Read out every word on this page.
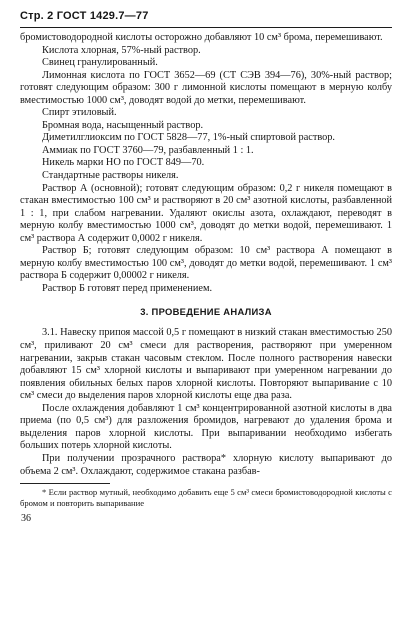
Стр. 2 ГОСТ 1429.7—77

бромистоводородной кислоты осторожно добавляют 10 см³ брома, перемешивают.

Кислота хлорная, 57%-ный раствор.

Свинец гранулированный.

Лимонная кислота по ГОСТ 3652—69 (СТ СЭВ 394—76), 30%-ный раствор; готовят следующим образом: 300 г лимонной кислоты помещают в мерную колбу вместимостью 1000 см³, доводят водой до метки, перемешивают.

Спирт этиловый.

Бромная вода, насыщенный раствор.

Диметилглиоксим по ГОСТ 5828—77, 1%-ный спиртовой раствор.

Аммиак по ГОСТ 3760—79, разбавленный 1 : 1.

Никель марки НО по ГОСТ 849—70.

Стандартные растворы никеля.

Раствор А (основной); готовят следующим образом: 0,2 г никеля помещают в стакан вместимостью 100 см³ и растворяют в 20 см³ азотной кислоты, разбавленной 1 : 1, при слабом нагревании. Удаляют окислы азота, охлаждают, переводят в мерную колбу вместимостью 1000 см³, доводят до метки водой, перемешивают. 1 см³ раствора А содержит 0,0002 г никеля.

Раствор Б; готовят следующим образом: 10 см³ раствора А помещают в мерную колбу вместимостью 100 см³, доводят до метки водой, перемешивают. 1 см³ раствора Б содержит 0,00002 г никеля.

Раствор Б готовят перед применением.

3. ПРОВЕДЕНИЕ АНАЛИЗА

3.1. Навеску припоя массой 0,5 г помещают в низкий стакан вместимостью 250 см³, приливают 20 см³ смеси для растворения, растворяют при умеренном нагревании, закрыв стакан часовым стеклом. После полного растворения навески добавляют 15 см³ хлорной кислоты и выпаривают при умеренном нагревании до появления обильных белых паров хлорной кислоты. Повторяют выпаривание с 10 см³ смеси до выделения паров хлорной кислоты еще два раза.

После охлаждения добавляют 1 см³ концентрированной азотной кислоты в два приема (по 0,5 см³) для разложения бромидов, нагревают до удаления брома и выделения паров хлорной кислоты. При выпаривании необходимо избегать больших потерь хлорной кислоты.

При получении прозрачного раствора* хлорную кислоту выпаривают до объема 2 см³. Охлаждают, содержимое стакана разбав-

* Если раствор мутный, необходимо добавить еще 5 см³ смеси бромистоводородной кислоты с бромом и повторить выпаривание

36
